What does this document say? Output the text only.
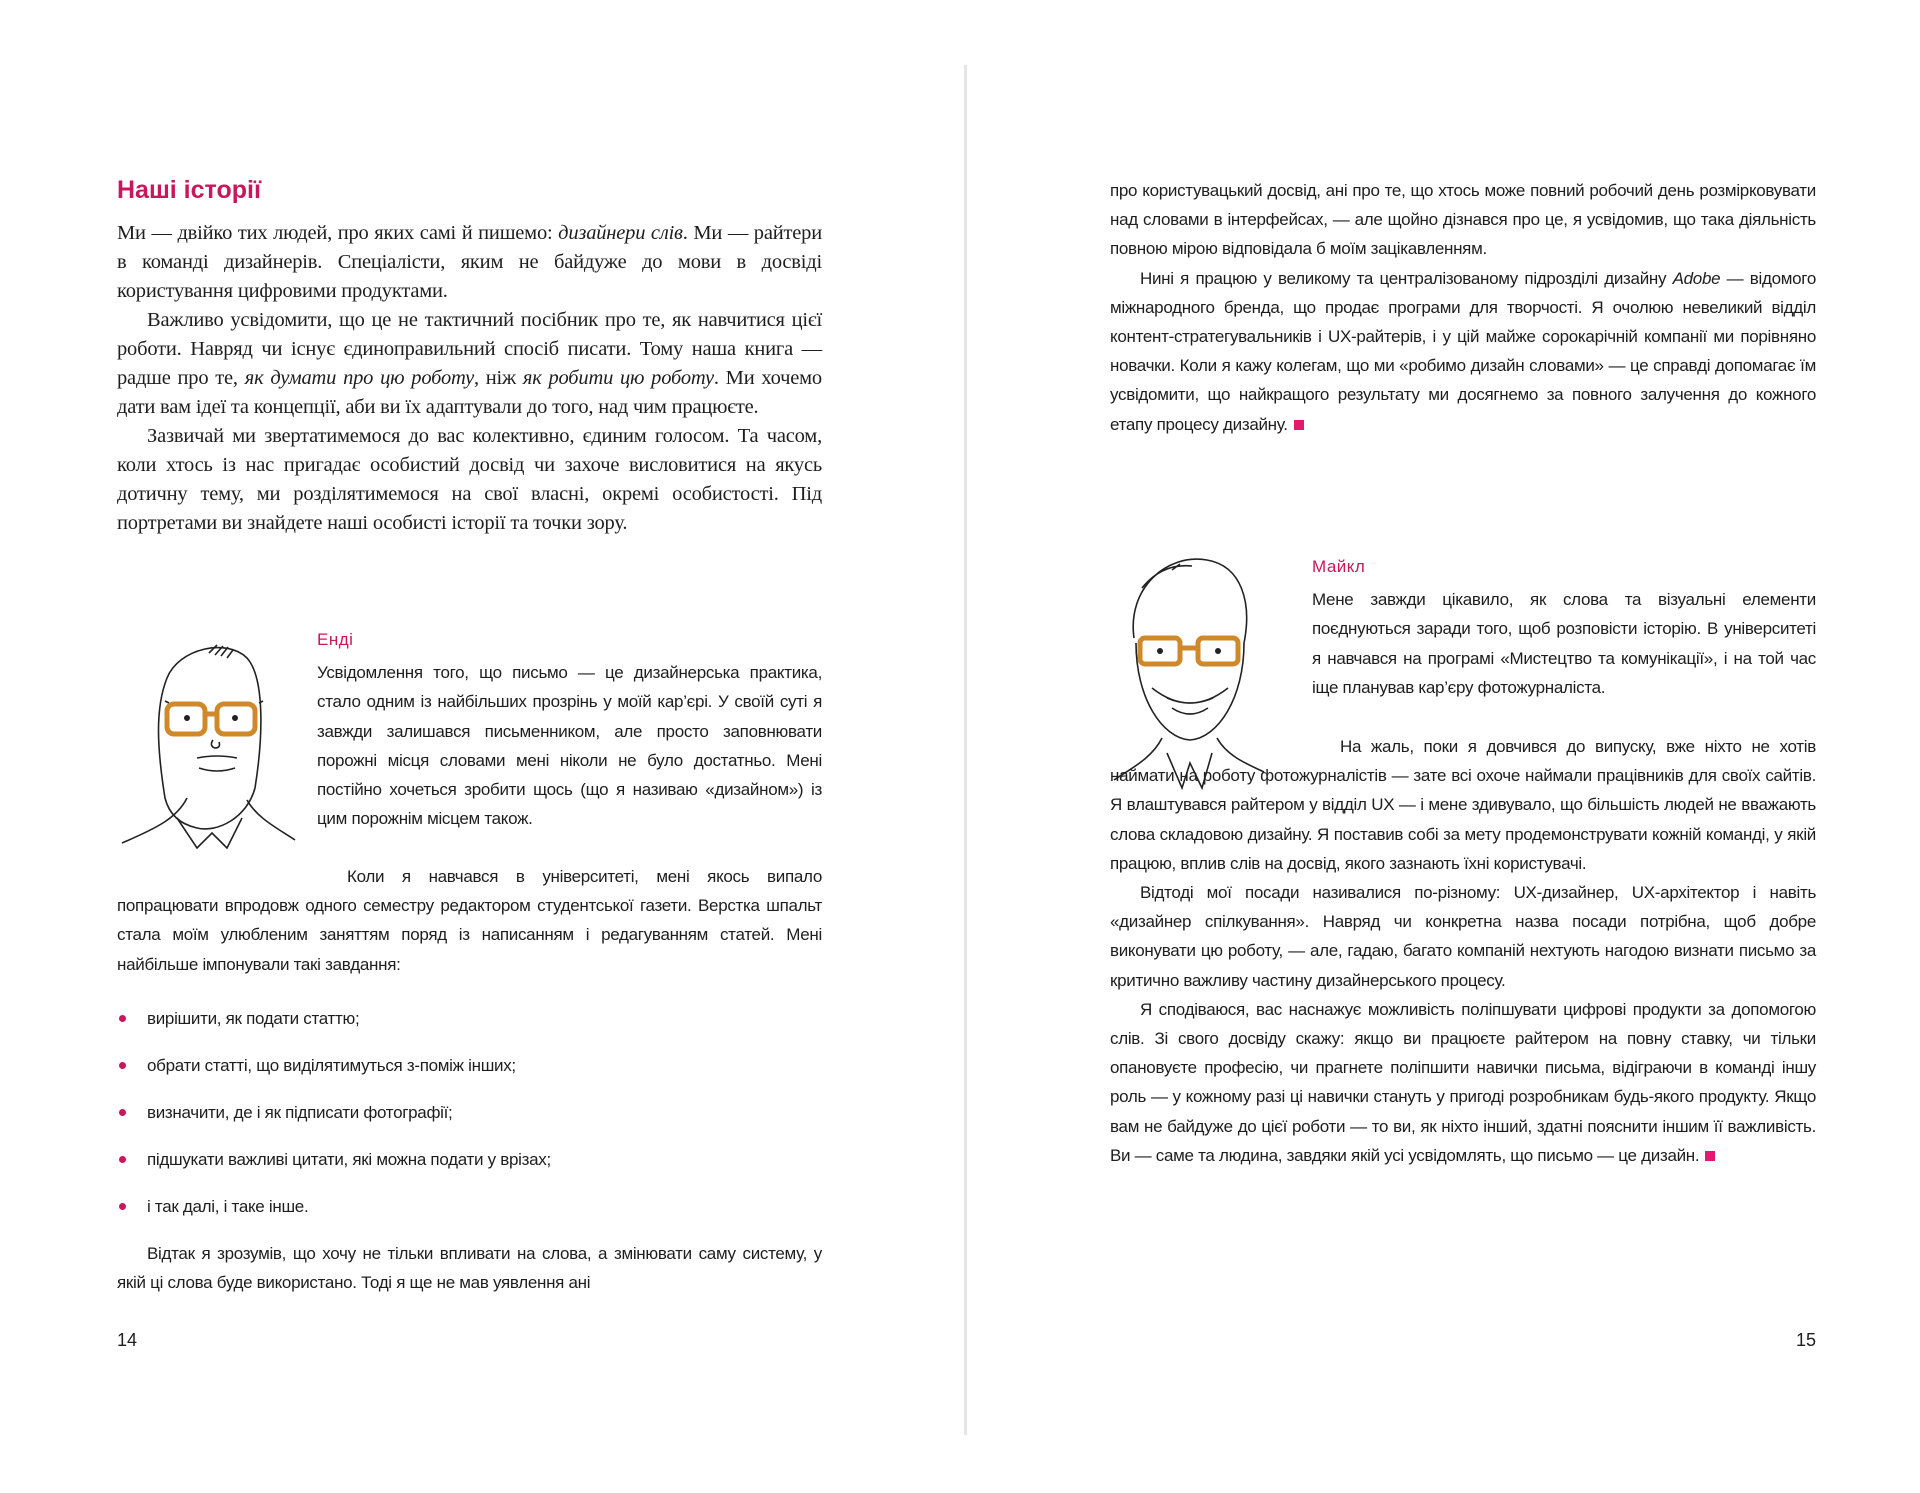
Наші історії

Ми — двійко тих людей, про яких самі й пишемо: дизайнери слів. Ми — райтери в команді дизайнерів. Спеціалісти, яким не байдуже до мови в досвіді користування цифровими продуктами.

Важливо усвідомити, що це не тактичний посібник про те, як навчитися цієї роботи. Навряд чи існує єдиноправильний спосіб писати. Тому наша книга — радше про те, як думати про цю роботу, ніж як робити цю роботу. Ми хочемо дати вам ідеї та концепції, аби ви їх адаптували до того, над чим працюєте.

Зазвичай ми звертатимемося до вас колективно, єдиним голосом. Та часом, коли хтось із нас пригадає особистий досвід чи захоче висловитися на якусь дотичну тему, ми розділятимемося на свої власні, окремі особистості. Під портретами ви знайдете наші особисті історії та точки зору.

Енді

Усвідомлення того, що письмо — це дизайнерська практика, стало одним із найбільших прозрінь у моїй кар’єрі. У своїй суті я завжди залишався письменником, але просто заповнювати порожні місця словами мені ніколи не було достатньо. Мені постійно хочеться зробити щось (що я називаю «дизайном») із цим порожнім місцем також.

Коли я навчався в університеті, мені якось випало попрацювати впродовж одного семестру редактором студентської газети. Верстка шпальт стала моїм улюбленим заняттям поряд із написанням і редагуванням статей. Мені найбільше імпонували такі завдання:

вирішити, як подати статтю;
обрати статті, що виділятимуться з-поміж інших;
визначити, де і як підписати фотографії;
підшукати важливі цитати, які можна подати у врізах;
і так далі, і таке інше.

Відтак я зрозумів, що хочу не тільки впливати на слова, а змінювати саму систему, у якій ці слова буде використано. Тоді я ще не мав уявлення ані

14

про користувацький досвід, ані про те, що хтось може повний робочий день розмірковувати над словами в інтерфейсах, — але щойно дізнався про це, я усвідомив, що така діяльність повною мірою відповідала б моїм зацікавленням.

Нині я працюю у великому та централізованому підрозділі дизайну Adobe — відомого міжнародного бренда, що продає програми для творчості. Я очолюю невеликий відділ контент-стратегувальників і UX-райтерів, і у цій майже сорокарічній компанії ми порівняно новачки. Коли я кажу колегам, що ми «робимо дизайн словами» — це справді допомагає їм усвідомити, що найкращого результату ми досягнемо за повного залучення до кожного етапу процесу дизайну.

Майкл

Мене завжди цікавило, як слова та візуальні елементи поєднуються заради того, щоб розповісти історію. В університеті я навчався на програмі «Мистецтво та комунікації», і на той час іще планував кар’єру фотожурналіста.

На жаль, поки я довчився до випуску, вже ніхто не хотів наймати на роботу фотожурналістів — зате всі охоче наймали працівників для своїх сайтів. Я влаштувався райтером у відділ UX — і мене здивувало, що більшість людей не вважають слова складовою дизайну. Я поставив собі за мету продемонструвати кожній команді, у якій працюю, вплив слів на досвід, якого зазнають їхні користувачі.

Відтоді мої посади називалися по-різному: UX-дизайнер, UX-архітектор і навіть «дизайнер спілкування». Навряд чи конкретна назва посади потрібна, щоб добре виконувати цю роботу, — але, гадаю, багато компаній нехтують нагодою визнати письмо за критично важливу частину дизайнерського процесу.

Я сподіваюся, вас наснажує можливість поліпшувати цифрові продукти за допомогою слів. Зі свого досвіду скажу: якщо ви працюєте райтером на повну ставку, чи тільки опановуєте професію, чи прагнете поліпшити навички письма, відіграючи в команді іншу роль — у кожному разі ці навички стануть у пригоді розробникам будь-якого продукту. Якщо вам не байдуже до цієї роботи — то ви, як ніхто інший, здатні пояснити іншим її важливість. Ви — саме та людина, завдяки якій усі усвідомлять, що письмо — це дизайн.

15
